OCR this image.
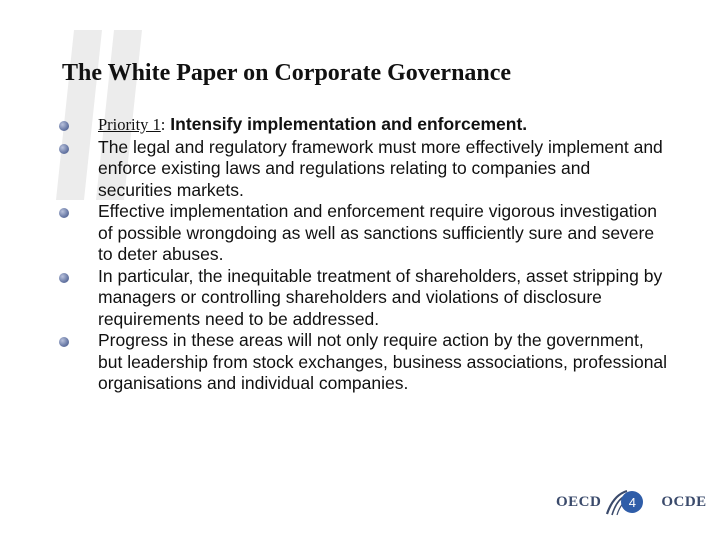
The White Paper on Corporate Governance
Priority 1: Intensify implementation and enforcement.
The legal and regulatory framework must more effectively implement and enforce existing laws and regulations relating to companies and securities markets.
Effective implementation and enforcement require vigorous investigation of possible wrongdoing as well as sanctions sufficiently sure and severe to deter abuses.
In particular, the inequitable treatment of shareholders, asset stripping by managers or controlling shareholders and violations of disclosure requirements need to be addressed.
Progress in these areas will not only require action by the government, but leadership from stock exchanges, business associations, professional organisations and individual companies.
OECD	4	OCDE
